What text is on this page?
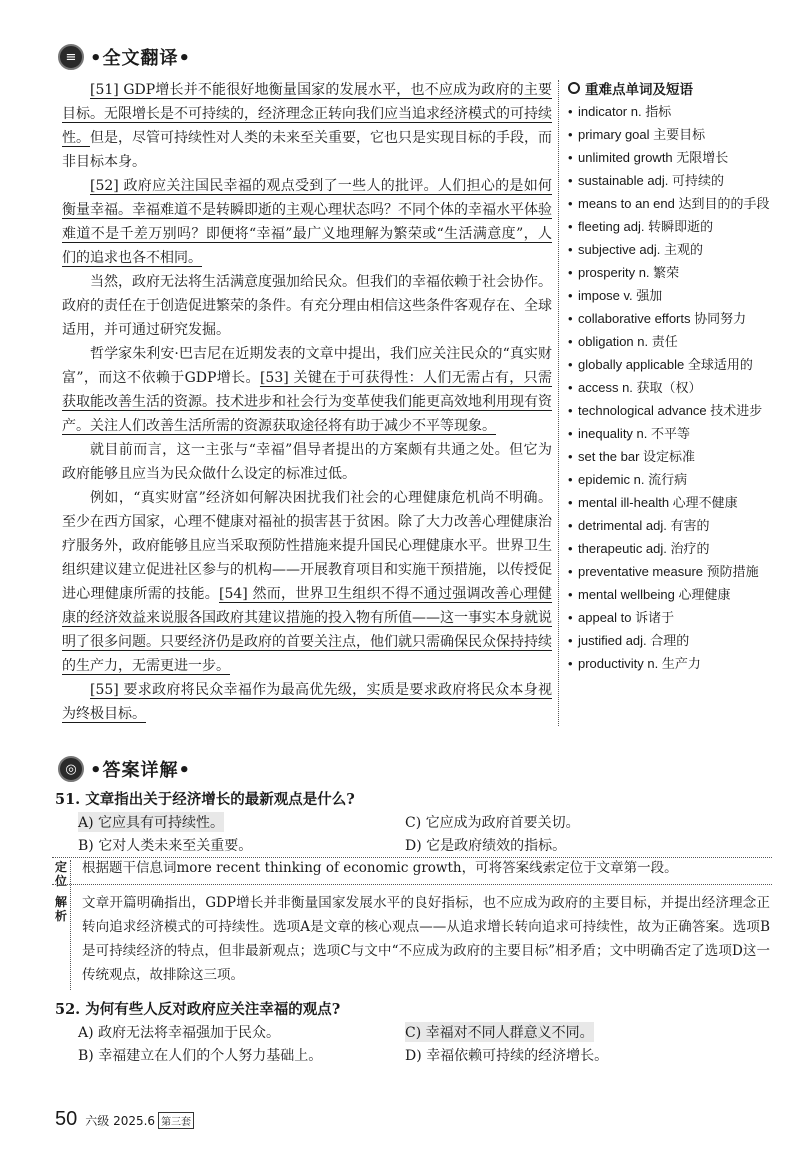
≡ •全文翻译•

[51] GDP增长并不能很好地衡量国家的发展水平，也不应成为政府的主要目标。无限增长是不可持续的，经济理念正转向我们应当追求经济模式的可持续性。但是，尽管可持续性对人类的未来至关重要，它也只是实现目标的手段，而非目标本身。

[52] 政府应关注国民幸福的观点受到了一些人的批评。人们担心的是如何衡量幸福。幸福难道不是转瞬即逝的主观心理状态吗？不同个体的幸福水平体验难道不是千差万别吗？即便将“幸福”最广义地理解为繁荣或“生活满意度”，人们的追求也各不相同。

当然，政府无法将生活满意度强加给民众。但我们的幸福依赖于社会协作。政府的责任在于创造促进繁荣的条件。有充分理由相信这些条件客观存在、全球适用，并可通过研究发掘。

哲学家朱利安·巴吉尼在近期发表的文章中提出，我们应关注民众的“真实财富”，而这不依赖于GDP增长。[53] 关键在于可获得性：人们无需占有，只需获取能改善生活的资源。技术进步和社会行为变革使我们能更高效地利用现有资产。关注人们改善生活所需的资源获取途径将有助于减少不平等现象。

就目前而言，这一主张与“幸福”倡导者提出的方案颇有共通之处。但它为政府能够且应当为民众做什么设定的标准过低。

例如，“真实财富”经济如何解决困扰我们社会的心理健康危机尚不明确。至少在西方国家，心理不健康对福祉的损害甚于贫困。除了大力改善心理健康治疗服务外，政府能够且应当采取预防性措施来提升国民心理健康水平。世界卫生组织建议建立促进社区参与的机构——开展教育项目和实施干预措施，以传授促进心理健康所需的技能。[54] 然而，世界卫生组织不得不通过强调改善心理健康的经济效益来说服各国政府其建议措施的投入物有所值——这一事实本身就说明了很多问题。只要经济仍是政府的首要关注点，他们就只需确保民众保持持续的生产力，无需更进一步。

[55] 要求政府将民众幸福作为最高优先级，实质是要求政府将民众本身视为终极目标。

重难点单词及短语
• indicator n. 指标
• primary goal 主要目标
• unlimited growth 无限增长
• sustainable adj. 可持续的
• means to an end 达到目的的手段
• fleeting adj. 转瞬即逝的
• subjective adj. 主观的
• prosperity n. 繁荣
• impose v. 强加
• collaborative efforts 协同努力
• obligation n. 责任
• globally applicable 全球适用的
• access n. 获取（权）
• technological advance 技术进步
• inequality n. 不平等
• set the bar 设定标准
• epidemic n. 流行病
• mental ill-health 心理不健康
• detrimental adj. 有害的
• therapeutic adj. 治疗的
• preventative measure 预防措施
• mental wellbeing 心理健康
• appeal to 诉诸于
• justified adj. 合理的
• productivity n. 生产力
◎ •答案详解•
51. 文章指出关于经济增长的最新观点是什么?
A) 它应具有可持续性。	C) 它应成为政府首要关切。
B) 它对人类未来至关重要。	D) 它是政府绩效的指标。
定位
根据题干信息词more recent thinking of economic growth，可将答案线索定位于文章第一段。
解析
文章开篇明确指出，GDP增长并非衡量国家发展水平的良好指标，也不应成为政府的主要目标，并提出经济理念正转向追求经济模式的可持续性。选项A是文章的核心观点——从追求增长转向追求可持续性，故为正确答案。选项B是可持续经济的特点，但非最新观点；选项C与文中“不应成为政府的主要目标”相矛盾；文中明确否定了选项D这一传统观点，故排除这三项。
52. 为何有些人反对政府应关注幸福的观点?
A) 政府无法将幸福强加于民众。	C) 幸福对不同人群意义不同。
B) 幸福建立在人们的个人努力基础上。	D) 幸福依赖可持续的经济增长。
50 六级 2025.6 第三套
